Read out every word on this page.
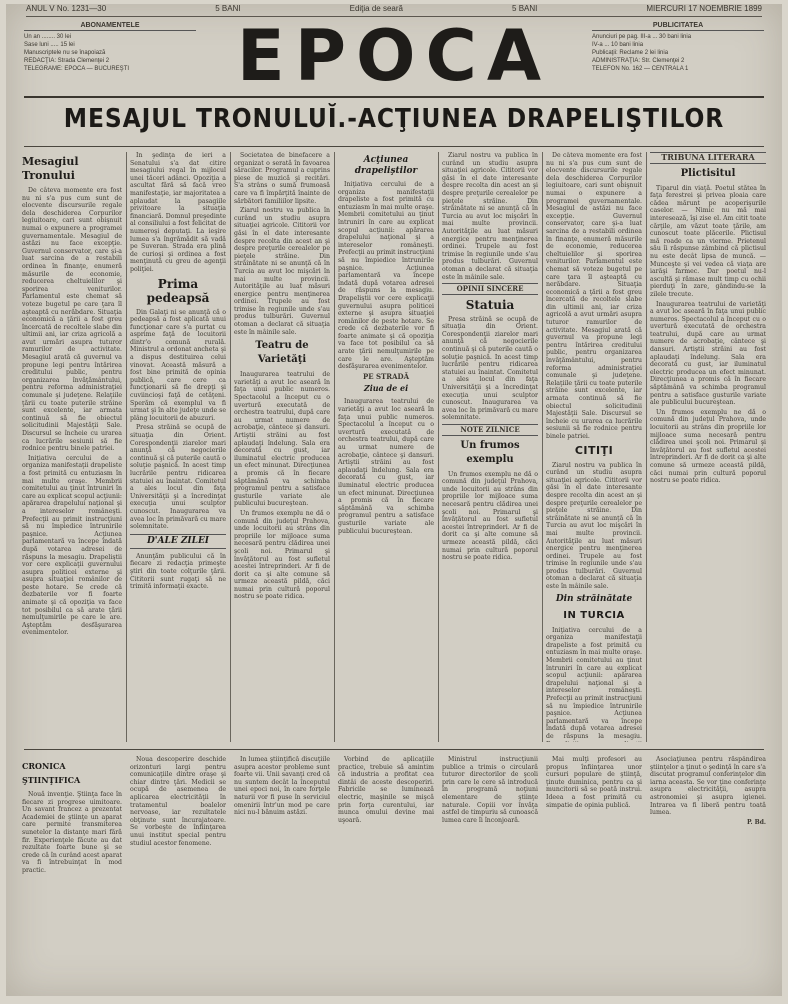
ANUL V No. 1231—30	5 BANI	Ediţia de seară	5 BANI	MIERCURI 17 NOEMBRIE 1899
ABONAMENTELE
Un an ........ 30 lei
Sase luni ..... 15 lei
Manuscriptele nu se înapoiază
REDACŢIA: Strada Clemenţei 2
TELEGRAME: EPOCA — BUCUREŞTI	EPOCA	PUBLICITATEA
Anunciuri pe pag. III-a ... 30 bani linia
IV-a ... 10 bani linia
Publicaţii: Reclame 2 lei linia
ADMINISTRAŢIA: Str. Clemenţei 2
TELEFON No. 162 — CENTRALA 1
MESAJUL TRONULUĬ.-ACŢIUNEA DRAPELIŞTILOR
Mesagiul Tronului
De câteva momente era fost nu ni s'a pus cum sunt de elocvente discursurile regale dela deschiderea Corpurilor legiuitoare, cari sunt obişnuit numai o expunere a programei guvernamentale. Mesagiul de astăzi nu face excepţie. Guvernul conservator, care şi-a luat sarcina de a restabili ordinea în finanţe, enumeră măsurile de economie, reducerea cheltuielilor şi sporirea veniturilor. Parlamentul este chemat să voteze bugetul pe care ţara îl aşteaptă cu nerăbdare. Situaţia economică a ţării a fost greu încercată de recoltele slabe din ultimii ani, iar criza agricolă a avut urmări asupra tuturor ramurilor de activitate. Mesagiul arată că guvernul va propune legi pentru întărirea creditului public, pentru organizarea învăţământului, pentru reforma administraţiei comunale şi judeţene. Relaţiile ţării cu toate puterile străine sunt excelente, iar armata continuă să fie obiectul solicitudinii Majestăţii Sale. Discursul se încheie cu urarea ca lucrările sesiunii să fie rodnice pentru binele patriei.
Iniţiativa cercului de a organiza manifestaţii drapeliste a fost primită cu entuziasm în mai multe oraşe. Membrii comitetului au ţinut întruniri în care au explicat scopul acţiunii: apărarea drapelului naţional şi a intereselor româneşti. Prefecţii au primit instrucţiuni să nu împiedice întrunirile paşnice. Acţiunea parlamentară va începe îndată după votarea adresei de răspuns la mesagiu. Drapeliştii vor cere explicaţii guvernului asupra politicei externe şi asupra situaţiei românilor de peste hotare. Se crede că dezbaterile vor fi foarte animate şi că opoziţia va face tot posibilul ca să arate ţării nemulţumirile pe care le are. Aşteptăm desfăşurarea evenimentelor.
In şedinţa de ieri a Senatului s'a dat citire mesagiului regal în mijlocul unei tăceri adânci. Opoziţia a ascultat fără să facă vreo manifestaţie, iar majoritatea a aplaudat la pasagiile privitoare la situaţia financiară. Domnul preşedinte al consiliului a fost felicitat de numeroşi deputaţi. La ieşire lumea s'a îngrămădit să vadă pe Suveran. Strada era plină de curioşi şi ordinea a fost menţinută cu greu de agenţii poliţiei.
Prima pedeapsă
Din Galaţi ni se anunţă că o pedeapsă a fost aplicată unui funcţionar care s'a purtat cu asprime faţă de locuitorii dintr'o comună rurală. Ministrul a ordonat ancheta şi a dispus destituirea celui vinovat. Această măsură a fost bine primită de opinia publică, care cere ca funcţionarii să fie drepţi şi cuviincioşi faţă de cetăţeni. Sperăm că exemplul va fi urmat şi în alte judeţe unde se plâng locuitorii de abuzuri.
Presa străină se ocupă de situaţia din Orient. Corespondenţii ziarelor mari anunţă că negocierile continuă şi că puterile caută o soluţie paşnică. In acest timp lucrările pentru ridicarea statuiei au înaintat. Comitetul a ales locul din faţa Universităţii şi a încredinţat execuţia unui sculptor cunoscut. Inaugurarea va avea loc în primăvară cu mare solemnitate.
D'ALE ZILEI
Anunţăm publicului că în fiecare zi redacţia primeşte ştiri din toate colţurile ţării. Cititorii sunt rugaţi să ne trimită informaţii exacte.
Societatea de binefacere a organizat o serată în favoarea săracilor. Programul a cuprins piese de muzică şi recitări. S'a strâns o sumă frumoasă care va fi împărţită înainte de sărbători familiilor lipsite.
Ziarul nostru va publica în curând un studiu asupra situaţiei agricole. Cititorii vor găsi în el date interesante despre recolta din acest an şi despre preţurile cerealelor pe pieţele străine. Din străinătate ni se anunţă că în Turcia au avut loc mişcări în mai multe provincii. Autorităţile au luat măsuri energice pentru menţinerea ordinei. Trupele au fost trimise în regiunile unde s'au produs tulburări. Guvernul otoman a declarat că situaţia este în mâinile sale.
Teatru de Varietăţi
Inaugurarea teatrului de varietăţi a avut loc aseară în faţa unui public numeros. Spectacolul a început cu o uvertură executată de orchestra teatrului, după care au urmat numere de acrobaţie, cântece şi dansuri. Artiştii străini au fost aplaudaţi îndelung. Sala era decorată cu gust, iar iluminatul electric producea un efect minunat. Direcţiunea a promis că în fiecare săptămână va schimba programul pentru a satisface gusturile variate ale publicului bucureştean.
Un frumos exemplu ne dă o comună din judeţul Prahova, unde locuitorii au strâns din propriile lor mijloace suma necesară pentru clădirea unei şcoli noi. Primarul şi învăţătorul au fost sufletul acestei întreprinderi. Ar fi de dorit ca şi alte comune să urmeze această pildă, căci numai prin cultură poporul nostru se poate ridica.
Acţiunea drapeliştilor
Iniţiativa cercului de a organiza manifestaţii drapeliste a fost primită cu entuziasm în mai multe oraşe. Membrii comitetului au ţinut întruniri în care au explicat scopul acţiunii: apărarea drapelului naţional şi a intereselor româneşti. Prefecţii au primit instrucţiuni să nu împiedice întrunirile paşnice. Acţiunea parlamentară va începe îndată după votarea adresei de răspuns la mesagiu. Drapeliştii vor cere explicaţii guvernului asupra politicei externe şi asupra situaţiei românilor de peste hotare. Se crede că dezbaterile vor fi foarte animate şi că opoziţia va face tot posibilul ca să arate ţării nemulţumirile pe care le are. Aşteptăm desfăşurarea evenimentelor.
PE STRADĂ
Ziua de ei
Inaugurarea teatrului de varietăţi a avut loc aseară în faţa unui public numeros. Spectacolul a început cu o uvertură executată de orchestra teatrului, după care au urmat numere de acrobaţie, cântece şi dansuri. Artiştii străini au fost aplaudaţi îndelung. Sala era decorată cu gust, iar iluminatul electric producea un efect minunat. Direcţiunea a promis că în fiecare săptămână va schimba programul pentru a satisface gusturile variate ale publicului bucureştean.
Ziarul nostru va publica în curând un studiu asupra situaţiei agricole. Cititorii vor găsi în el date interesante despre recolta din acest an şi despre preţurile cerealelor pe pieţele străine. Din străinătate ni se anunţă că în Turcia au avut loc mişcări în mai multe provincii. Autorităţile au luat măsuri energice pentru menţinerea ordinei. Trupele au fost trimise în regiunile unde s'au produs tulburări. Guvernul otoman a declarat că situaţia este în mâinile sale.
OPINII SINCERE
Statuia
Presa străină se ocupă de situaţia din Orient. Corespondenţii ziarelor mari anunţă că negocierile continuă şi că puterile caută o soluţie paşnică. In acest timp lucrările pentru ridicarea statuiei au înaintat. Comitetul a ales locul din faţa Universităţii şi a încredinţat execuţia unui sculptor cunoscut. Inaugurarea va avea loc în primăvară cu mare solemnitate.
NOTE ZILNICE
Un frumos exemplu
Un frumos exemplu ne dă o comună din judeţul Prahova, unde locuitorii au strâns din propriile lor mijloace suma necesară pentru clădirea unei şcoli noi. Primarul şi învăţătorul au fost sufletul acestei întreprinderi. Ar fi de dorit ca şi alte comune să urmeze această pildă, căci numai prin cultură poporul nostru se poate ridica.
De câteva momente era fost nu ni s'a pus cum sunt de elocvente discursurile regale dela deschiderea Corpurilor legiuitoare, cari sunt obişnuit numai o expunere a programei guvernamentale. Mesagiul de astăzi nu face excepţie. Guvernul conservator, care şi-a luat sarcina de a restabili ordinea în finanţe, enumeră măsurile de economie, reducerea cheltuielilor şi sporirea veniturilor. Parlamentul este chemat să voteze bugetul pe care ţara îl aşteaptă cu nerăbdare. Situaţia economică a ţării a fost greu încercată de recoltele slabe din ultimii ani, iar criza agricolă a avut urmări asupra tuturor ramurilor de activitate. Mesagiul arată că guvernul va propune legi pentru întărirea creditului public, pentru organizarea învăţământului, pentru reforma administraţiei comunale şi judeţene. Relaţiile ţării cu toate puterile străine sunt excelente, iar armata continuă să fie obiectul solicitudinii Majestăţii Sale. Discursul se încheie cu urarea ca lucrările sesiunii să fie rodnice pentru binele patriei.
CITIŢI
Ziarul nostru va publica în curând un studiu asupra situaţiei agricole. Cititorii vor găsi în el date interesante despre recolta din acest an şi despre preţurile cerealelor pe pieţele străine. Din străinătate ni se anunţă că în Turcia au avut loc mişcări în mai multe provincii. Autorităţile au luat măsuri energice pentru menţinerea ordinei. Trupele au fost trimise în regiunile unde s'au produs tulburări. Guvernul otoman a declarat că situaţia este în mâinile sale.
Din străinătate
IN TURCIA
Iniţiativa cercului de a organiza manifestaţii drapeliste a fost primită cu entuziasm în mai multe oraşe. Membrii comitetului au ţinut întruniri în care au explicat scopul acţiunii: apărarea drapelului naţional şi a intereselor româneşti. Prefecţii au primit instrucţiuni să nu împiedice întrunirile paşnice. Acţiunea parlamentară va începe îndată după votarea adresei de răspuns la mesagiu.
TRIBUNA LITERARA
Plictisitul
Tiparul din viaţă. Poetul stătea în faţa ferestrei şi privea ploaia care cădea mărunt pe acoperişurile caselor. — Nimic nu mă mai interesează, îşi zise el. Am citit toate cărţile, am văzut toate ţările, am cunoscut toate plăcerile. Plictisul mă roade ca un vierme. Prietenul său îi răspunse zâmbind că plictisul nu este decât lipsa de muncă. — Munceşte şi vei vedea că viaţa are iarăşi farmec. Dar poetul nu-l ascultă şi rămase mult timp cu ochii pierduţi în zare, gândindu-se la zilele trecute.
Inaugurarea teatrului de varietăţi a avut loc aseară în faţa unui public numeros. Spectacolul a început cu o uvertură executată de orchestra teatrului, după care au urmat numere de acrobaţie, cântece şi dansuri. Artiştii străini au fost aplaudaţi îndelung. Sala era decorată cu gust, iar iluminatul electric producea un efect minunat. Direcţiunea a promis că în fiecare săptămână va schimba programul pentru a satisface gusturile variate ale publicului bucureştean.
Un frumos exemplu ne dă o comună din judeţul Prahova, unde locuitorii au strâns din propriile lor mijloace suma necesară pentru clădirea unei şcoli noi. Primarul şi învăţătorul au fost sufletul acestei întreprinderi. Ar fi de dorit ca şi alte comune să urmeze această pildă, căci numai prin cultură poporul nostru se poate ridica.
CRONICA ŞTIINŢIFICA
Nouă invenţie. Ştiinţa face în fiecare zi progrese uimitoare. Un savant francez a prezentat Academiei de ştiinţe un aparat care permite transmiterea sunetelor la distanţe mari fără fir. Experienţele făcute au dat rezultate foarte bune şi se crede că în curând acest aparat va fi întrebuinţat în mod practic.
Noua descoperire deschide orizonturi largi pentru comunicaţiile dintre oraşe şi chiar dintre ţări. Medicii se ocupă de asemenea de aplicarea electricităţii în tratamentul boalelor nervoase, iar rezultatele obţinute sunt încurajatoare. Se vorbeşte de înfiinţarea unui institut special pentru studiul acestor fenomene.
In lumea ştiinţifică discuţiile asupra acestor probleme sunt foarte vii. Unii savanţi cred că nu suntem decât la începutul unei epoci noi, în care forţele naturii vor fi puse în serviciul omenirii într'un mod pe care nici nu-l bănuim astăzi.
Vorbind de aplicaţiile practice, trebuie să amintim că industria a profitat cea dintâi de aceste descoperiri. Fabricile se luminează electric, maşinile se mişcă prin forţa curentului, iar munca omului devine mai uşoară.
Ministrul instrucţiunii publice a trimis o circulară tuturor directorilor de şcoli prin care le cere să introducă în programă noţiuni elementare de ştiinţe naturale. Copiii vor învăţa astfel de timpuriu să cunoască lumea care îi înconjoară.
Mai mulţi profesori au propus înfiinţarea unor cursuri populare de ştiinţă, ţinute duminica, pentru ca şi muncitorii să se poată instrui. Ideea a fost primită cu simpatie de opinia publică.
Asociaţiunea pentru răspândirea ştiinţelor a ţinut o şedinţă în care s'a discutat programul conferinţelor din iarna aceasta. Se vor ţine conferinţe asupra electricităţii, asupra astronomiei şi asupra igienei. Intrarea va fi liberă pentru toată lumea.
P. Bd.
